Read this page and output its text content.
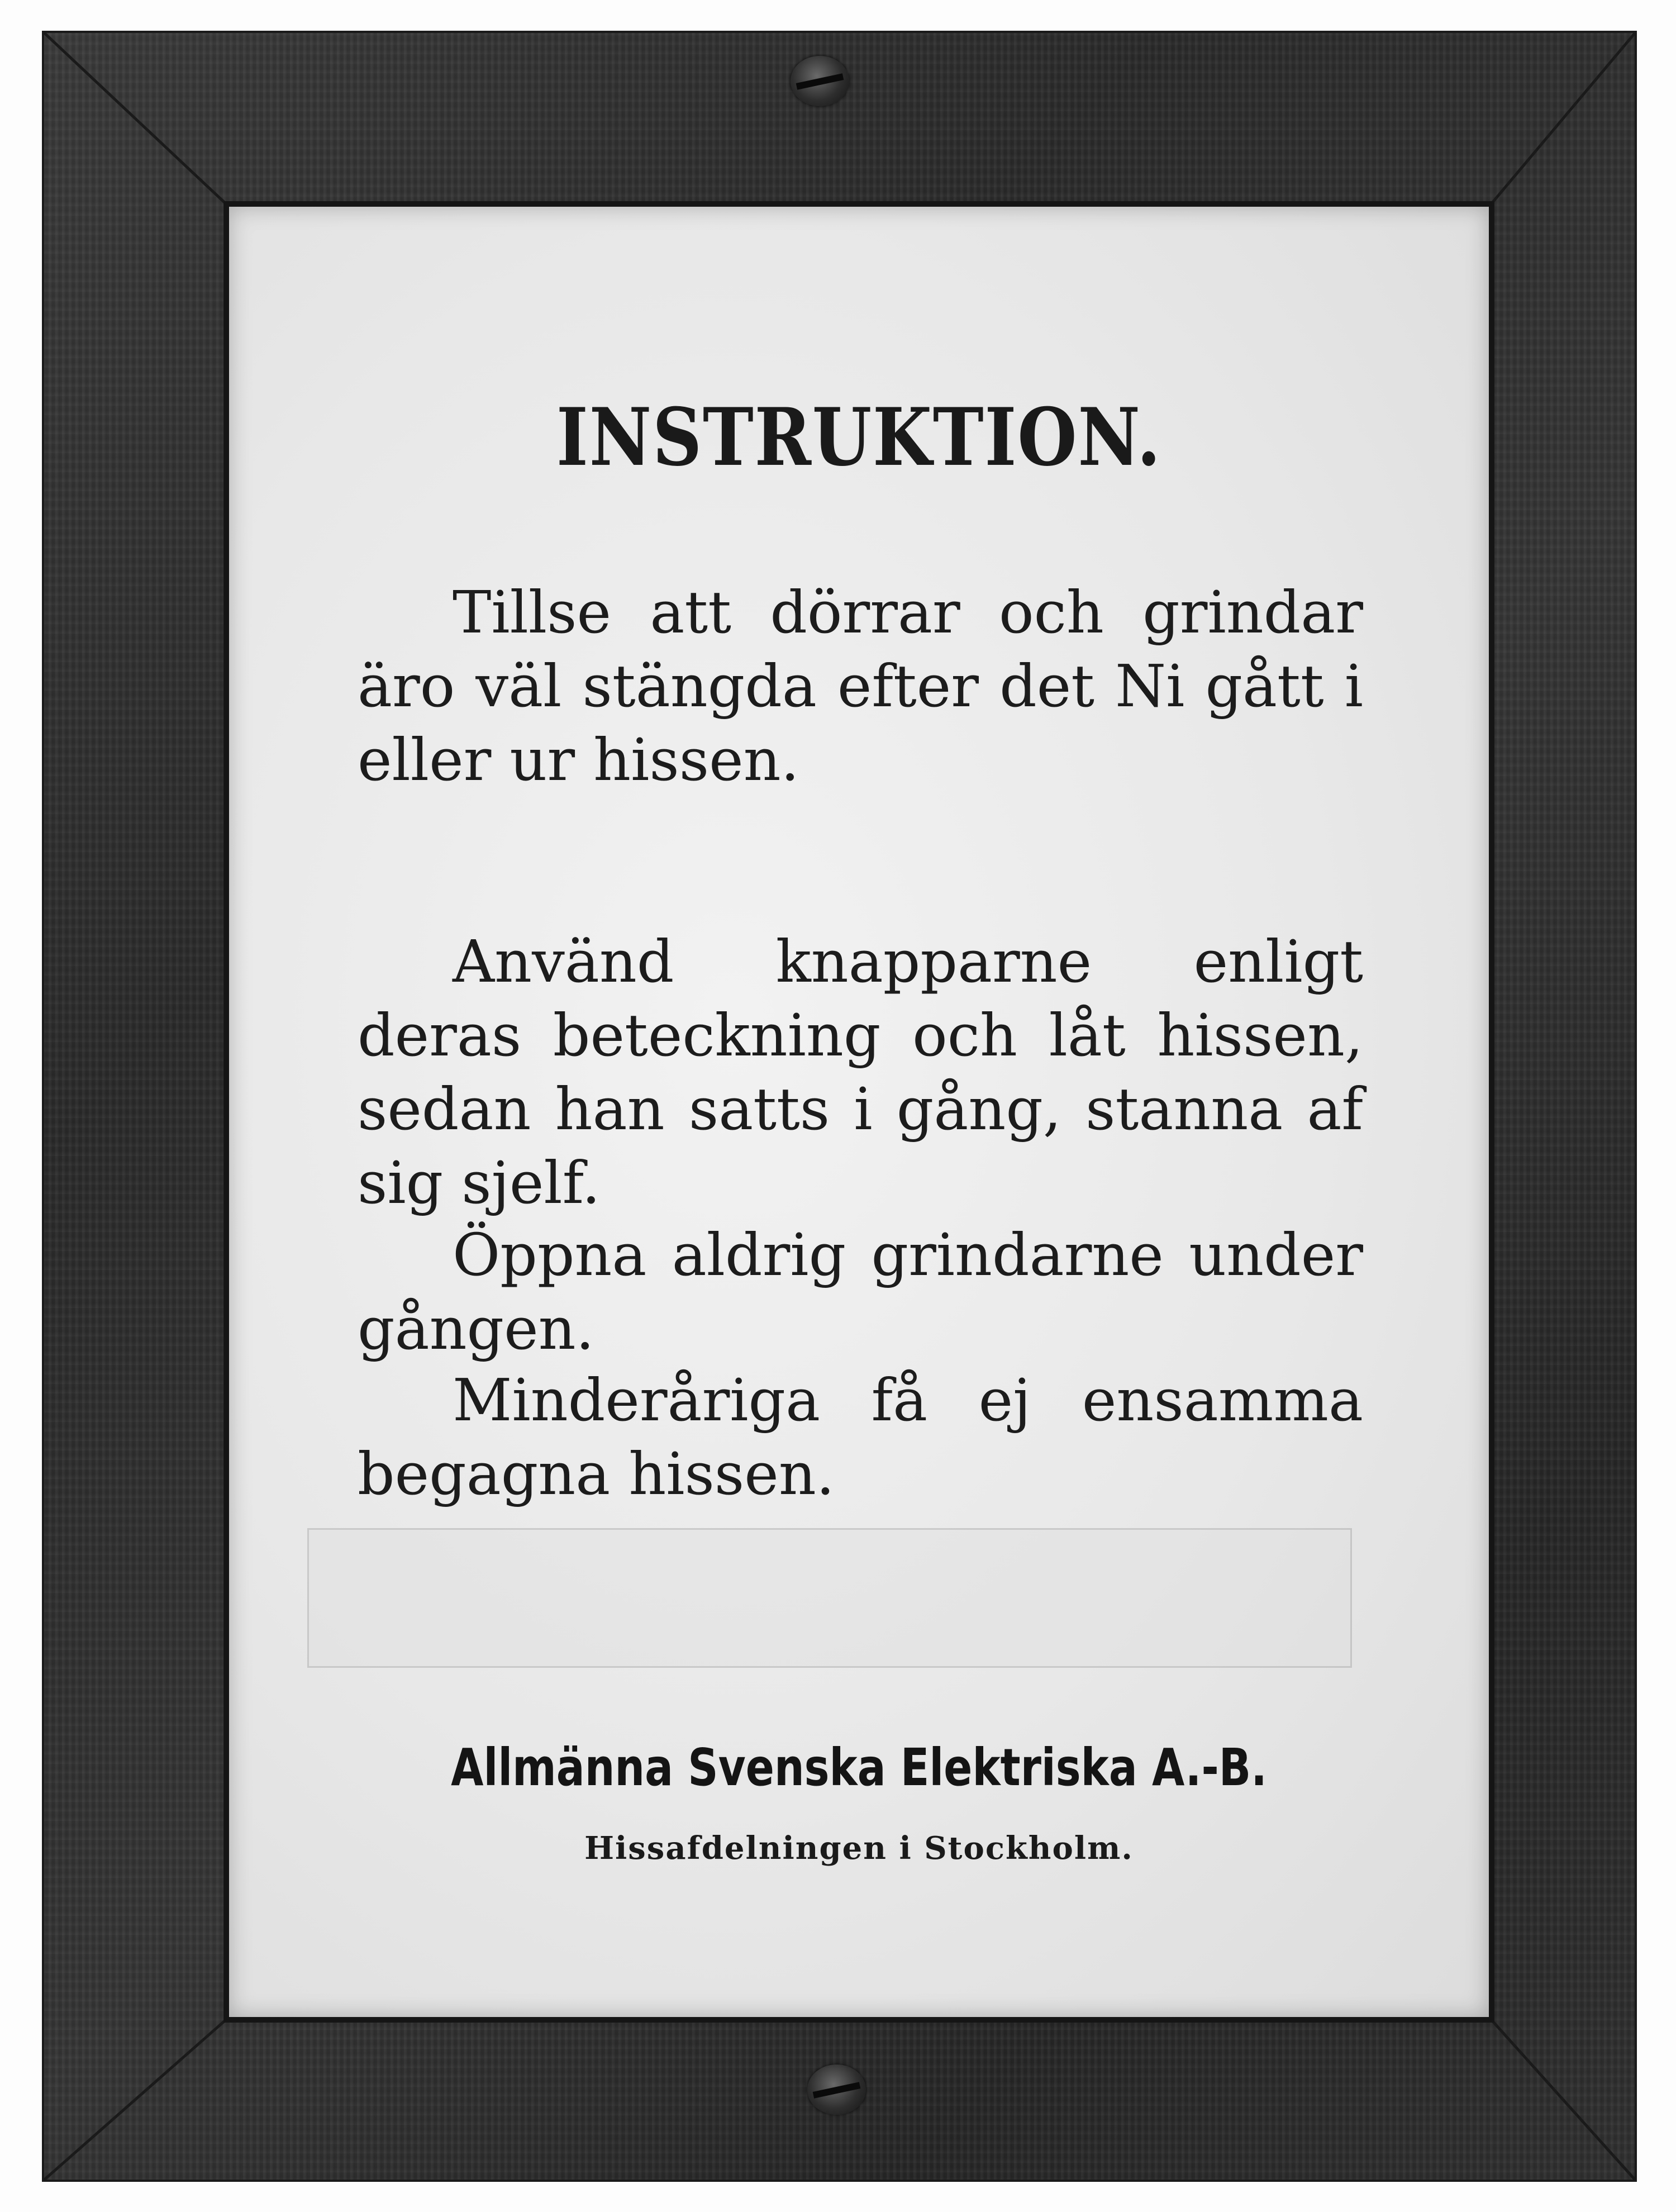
INSTRUKTION.

Tillse att dörrar och grindar äro väl stängda efter det Ni gått i eller ur hissen.

Använd knapparne enligt deras beteckning och låt hissen, sedan han satts i gång, stanna af sig sjelf.

Öppna aldrig grindarne under gången.

Minderåriga få ej ensamma begagna hissen.

Allmänna Svenska Elektriska A.-B.
Hissafdelningen i Stockholm.
